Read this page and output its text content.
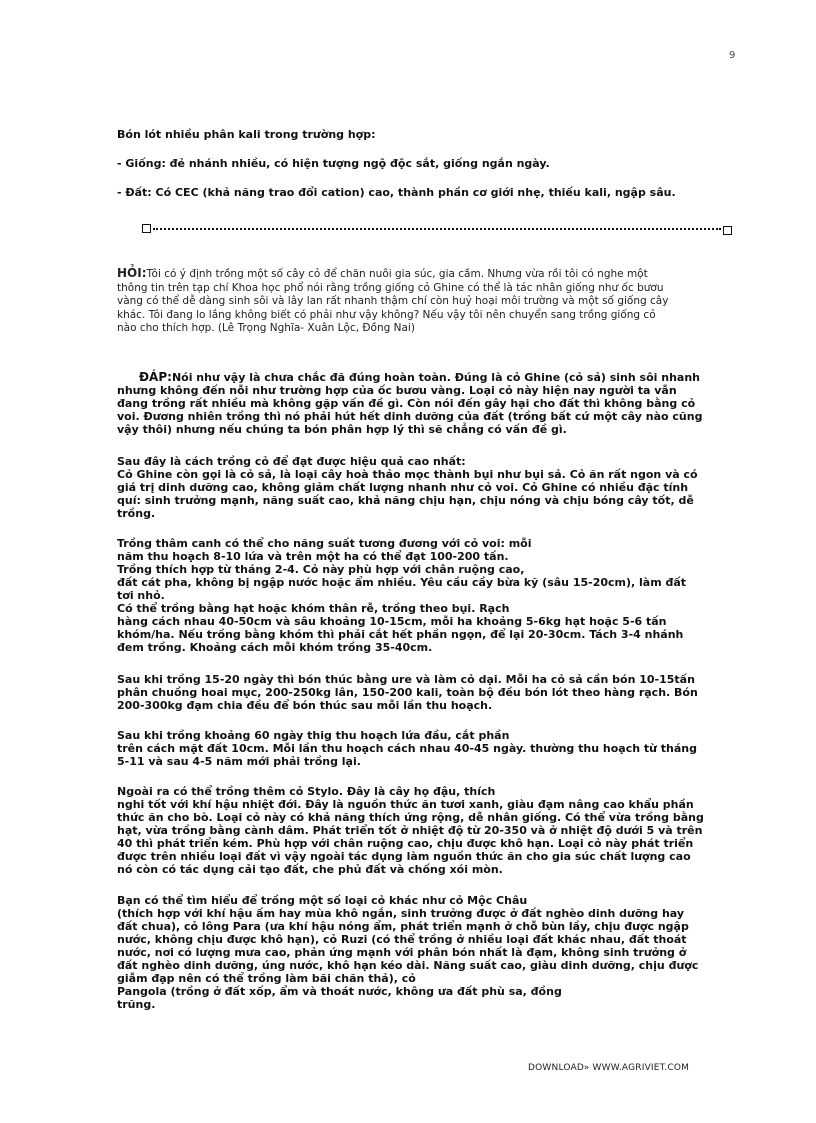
9
Bón lót nhiều phân kali trong trường hợp:
- Giống: đẻ nhánh nhiều, có hiện tượng ngộ độc sắt, giống ngắn ngày.
- Đất: Có CEC (khả năng trao đổi cation) cao, thành phần cơ giới nhẹ, thiếu kali, ngập sâu.
HỎI:Tôi có ý định trồng một số cây cỏ để chăn nuôi gia súc, gia cầm. Nhưng vừa rồi tôi có nghe một
thông tin trên tạp chí Khoa học phổ nói rằng trồng giống cỏ Ghine có thể là tác nhân giống như ốc bươu
vàng có thể dễ dàng sinh sôi và lây lan rất nhanh thậm chí còn huỷ hoại môi trường và một số giống cây
khác. Tôi đang lo lắng không biết có phải như vậy không? Nếu vậy tôi nên chuyển sang trồng giống cỏ
nào cho thích hợp. (Lê Trọng Nghĩa- Xuân Lộc, Đồng Nai)
ĐÁP:Nói như vậy là chưa chắc đã đúng hoàn toàn. Đúng là cỏ Ghine (cỏ sả) sinh sôi nhanh
nhưng không đến nỗi như trường hợp của ốc bươu vàng. Loại cỏ này hiện nay người ta vẫn
đang trồng rất nhiều mà không gặp vấn đề gì. Còn nói đến gây hại cho đất thì không bằng cỏ
voi. Đương nhiên trồng thì nó phải hút hết dinh dưỡng của đất (trồng bất cứ một cây nào cũng
vậy thôi) nhưng nếu chúng ta bón phân hợp lý thì sẽ chẳng có vấn đề gì.
Sau đây là cách trồng cỏ để đạt được hiệu quả cao nhất:
Cỏ Ghine còn gọi là cỏ sả, là loại cây hoà thảo mọc thành bụi như bụi sả. Cỏ ăn rất ngon và có
giá trị dinh dưỡng cao, không giảm chất lượng nhanh như cỏ voi. Cỏ Ghine có nhiều đặc tính
quí: sinh trưởng mạnh, năng suất cao, khả năng chịu hạn, chịu nóng và chịu bóng cây tốt, dễ
trồng.
Trồng thâm canh có thể cho năng suất tương đương với cỏ voi: mỗi
năm thu hoạch 8-10 lứa và trên một ha có thể đạt 100-200 tấn.
Trồng thích hợp từ tháng 2-4. Cỏ này phù hợp với chân ruộng cao,
đất cát pha, không bị ngập nước hoặc ẩm nhiều. Yêu cầu cầy bừa kỹ (sâu 15-20cm), làm đất
tơi nhỏ.
Có thể trồng bằng hạt hoặc khóm thân rễ, trồng theo bụi. Rạch
hàng cách nhau 40-50cm và sâu khoảng 10-15cm, mỗi ha khoảng 5-6kg hạt hoặc 5-6 tấn
khóm/ha. Nếu trồng bằng khóm thì phải cắt hết phần ngọn, để lại 20-30cm. Tách 3-4 nhánh
đem trồng. Khoảng cách mỗi khóm trồng 35-40cm.
Sau khi trồng 15-20 ngày thì bón thúc bằng ure và làm cỏ dại. Mỗi ha cỏ sả cần bón 10-15tấn
phân chuồng hoai mục, 200-250kg lân, 150-200 kali, toàn bộ đều bón lót theo hàng rạch. Bón
200-300kg đạm chia đều để bón thúc sau mỗi lần thu hoạch.
Sau khi trồng khoảng 60 ngày thig thu hoạch lứa đầu, cắt phần
trên cách mặt đất 10cm. Mỗi lần thu hoạch cách nhau 40-45 ngày. thường thu hoạch từ tháng
5-11 và sau 4-5 năm mới phải trồng lại.
Ngoài ra có thể trồng thêm cỏ Stylo. Đây là cây họ đậu, thích
nghi tốt với khí hậu nhiệt đới. Đây là nguồn thức ăn tươi xanh, giàu đạm nâng cao khẩu phần
thức ăn cho bò. Loại cỏ này có khả năng thích ứng rộng, dễ nhân giống. Có thể vừa trồng bằng
hạt, vừa trồng bằng cành dâm. Phát triển tốt ở nhiệt độ từ 20-350 và ở nhiệt độ dưới 5 và trên
40 thì phát triển kém. Phù hợp với chân ruộng cao, chịu được khô hạn. Loại cỏ này phát triển
được trên nhiều loại đất vì vậy ngoài tác dụng làm nguồn thức ăn cho gia súc chất lượng cao
nó còn có tác dụng cải tạo đất, che phủ đất và chống xói mòn.
Bạn có thể tìm hiểu để trồng một số loại cỏ khác như cỏ Mộc Châu
(thích hợp với khí hậu ấm hay mùa khô ngắn, sinh trưởng được ở đất nghèo dinh dưỡng hay
đất chua), cỏ lông Para (ưa khí hậu nóng ẩm, phát triển mạnh ở chỗ bùn lầy, chịu được ngập
nước, không chịu được khô hạn), cỏ Ruzi (có thể trồng ở nhiều loại đất khác nhau, đất thoát
nước, nơi có lượng mưa cao, phản ứng mạnh với phân bón nhất là đạm, không sinh trưởng ở
đất nghèo dinh dưỡng, úng nước, khô hạn kéo dài. Năng suất cao, giàu dinh dưỡng, chịu được
giẫm đạp nên có thể trồng làm bãi chăn thả), cỏ
Pangola (trồng ở đất xốp, ẩm và thoát nước, không ưa đất phù sa, đồng
trũng.
DOWNLOAD» WWW.AGRIVIET.COM
